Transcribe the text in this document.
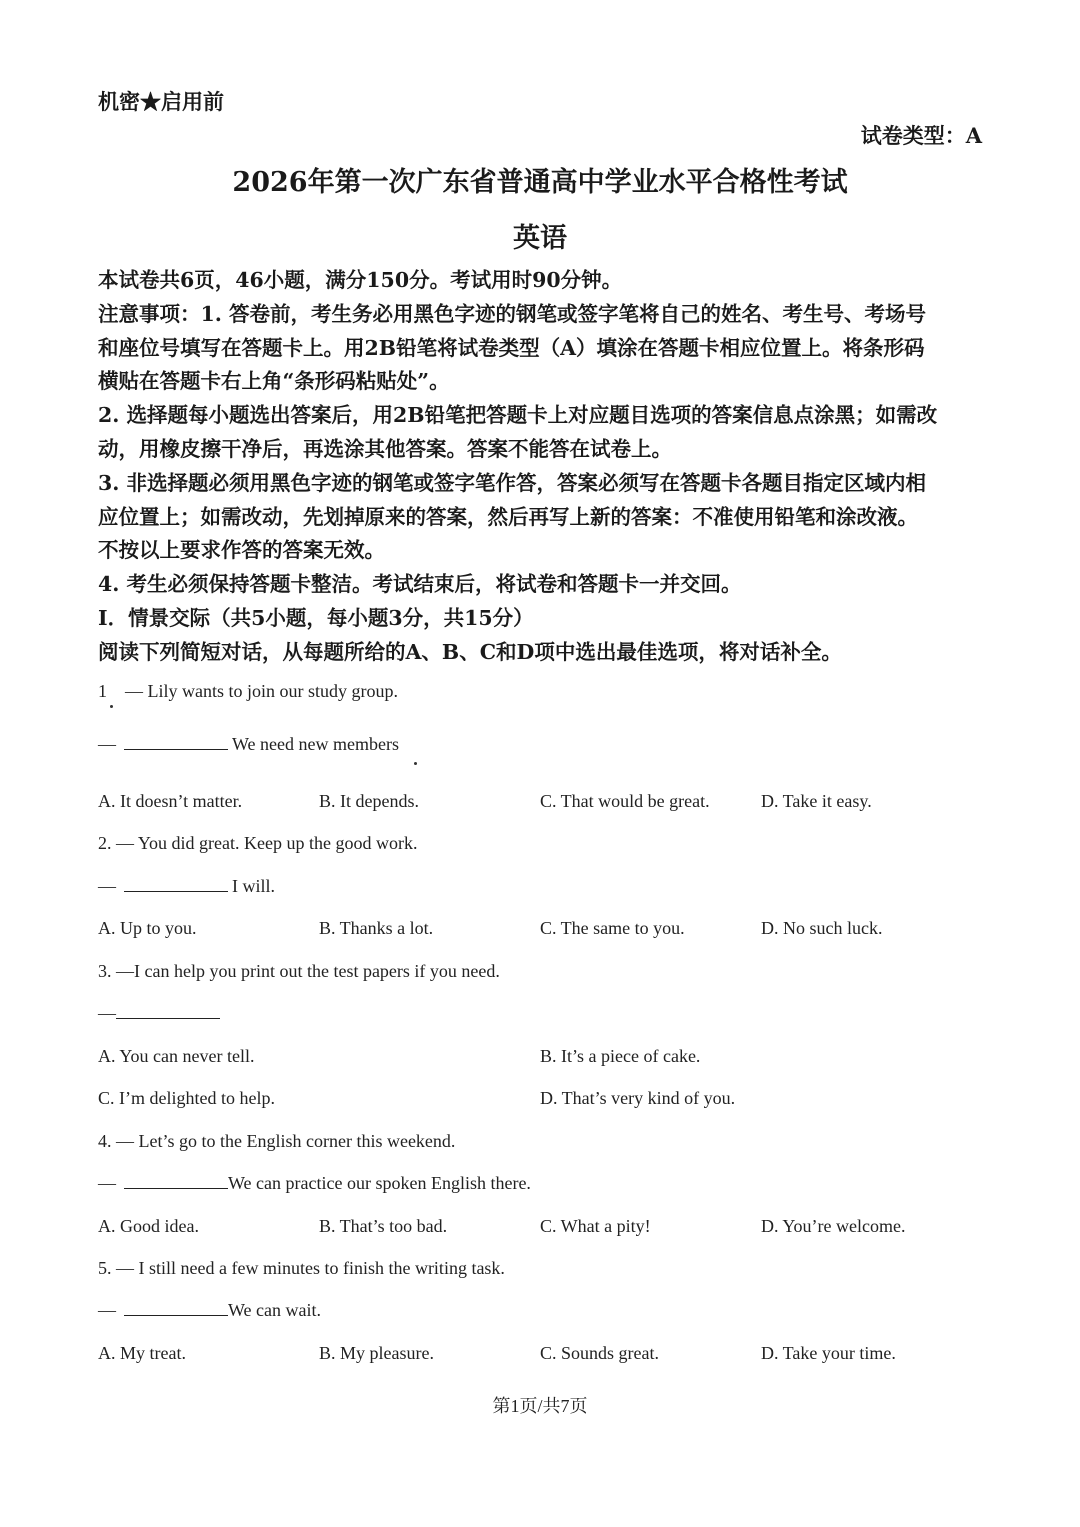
机密★启用前
试卷类型：A
2026年第一次广东省普通高中学业水平合格性考试
英语

本试卷共6页，46小题，满分150分。考试用时90分钟。

注意事项：1. 答卷前，考生务必用黑色字迹的钢笔或签字笔将自己的姓名、考生号、考场号

和座位号填写在答题卡上。用2B铅笔将试卷类型（A）填涂在答题卡相应位置上。将条形码

横贴在答题卡右上角“条形码粘贴处”。

2. 选择题每小题选出答案后，用2B铅笔把答题卡上对应题目选项的答案信息点涂黑；如需改

动，用橡皮擦干净后，再选涂其他答案。答案不能答在试卷上。

3. 非选择题必须用黑色字迹的钢笔或签字笔作答，答案必须写在答题卡各题目指定区域内相

应位置上；如需改动，先划掉原来的答案，然后再写上新的答案：不准使用铅笔和涂改液。

不按以上要求作答的答案无效。

4. 考生必须保持答题卡整洁。考试结束后，将试卷和答题卡一并交回。

Ⅰ．情景交际（共5小题，每小题3分，共15分）

阅读下列简短对话，从每题所给的A、B、C和D项中选出最佳选项，将对话补全。

1　— Lily wants to join our study group.
—	We need new members
A. It doesn’t matter.	B. It depends.	C. That would be great.	D. Take it easy.
2. — You did great. Keep up the good work.
—	I will.
A. Up to you.	B. Thanks a lot.	C. The same to you.	D. No such luck.
3. —I can help you print out the test papers if you need.
—
A. You can never tell.	B. It’s a piece of cake.
C. I’m delighted to help.	D. That’s very kind of you.
4. — Let’s go to the English corner this weekend.
—	We can practice our spoken English there.
A. Good idea.	B. That’s too bad.	C. What a pity!	D. You’re welcome.
5. — I still need a few minutes to finish the writing task.
—	We can wait.
A. My treat.	B. My pleasure.	C. Sounds great.	D. Take your time.
第1页/共7页
